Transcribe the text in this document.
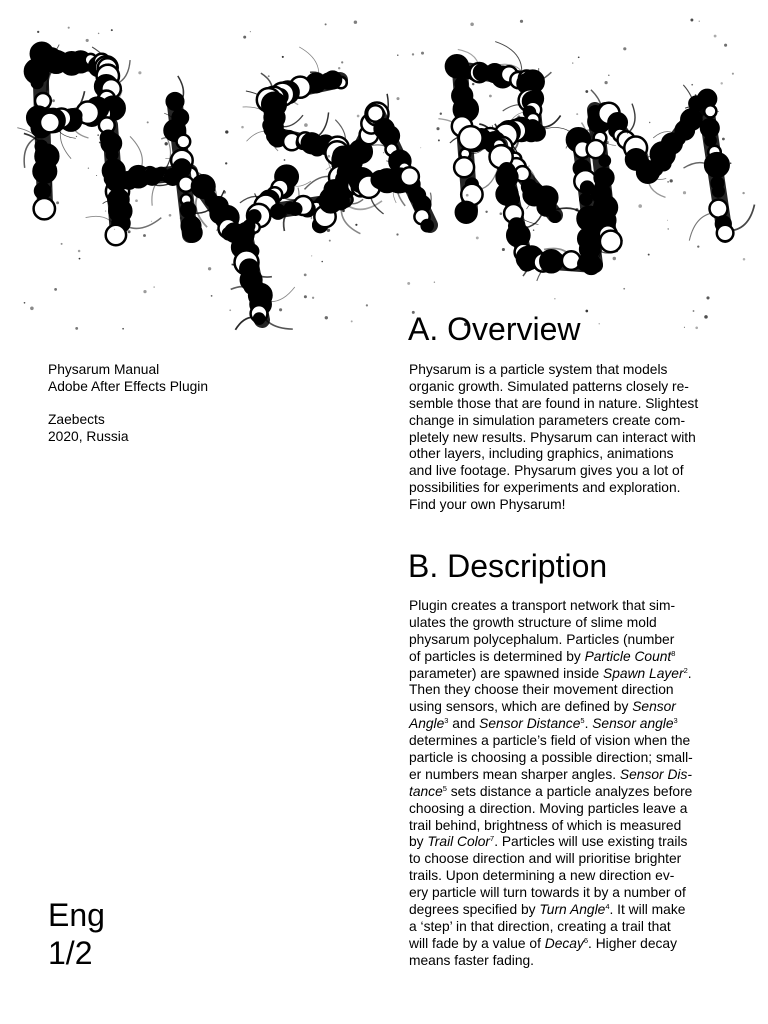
Physarum Manual
Adobe After Effects Plugin
Zaebects
2020, Russia
A. Overview
Physarum is a particle system that models
organic growth. Simulated patterns closely re-
semble those that are found in nature. Slightest
change in simulation parameters create com-
pletely new results. Physarum can interact with
other layers, including graphics, animations
and live footage. Physarum gives you a lot of
possibilities for experiments and exploration.
Find your own Physarum!
B. Description
Plugin creates a transport network that sim-
ulates the growth structure of slime mold
physarum polycephalum. Particles (number
of particles is determined by Particle Count$^8$
parameter) are spawned inside Spawn Layer$^2$.
Then they choose their movement direction
using sensors, which are defined by Sensor
Angle$^3$ and Sensor Distance$^5$. Sensor angle$^3$
determines a particle’s field of vision when the
particle is choosing a possible direction; small-
er numbers mean sharper angles. Sensor Dis-
tance$^5$ sets distance a particle analyzes before
choosing a direction. Moving particles leave a
trail behind, brightness of which is measured
by Trail Color$^7$. Particles will use existing trails
to choose direction and will prioritise brighter
trails. Upon determining a new direction ev-
ery particle will turn towards it by a number of
degrees specified by Turn Angle$^4$. It will make
a ‘step’ in that direction, creating a trail that
will fade by a value of Decay$^6$. Higher decay
means faster fading.
Eng
1/2
